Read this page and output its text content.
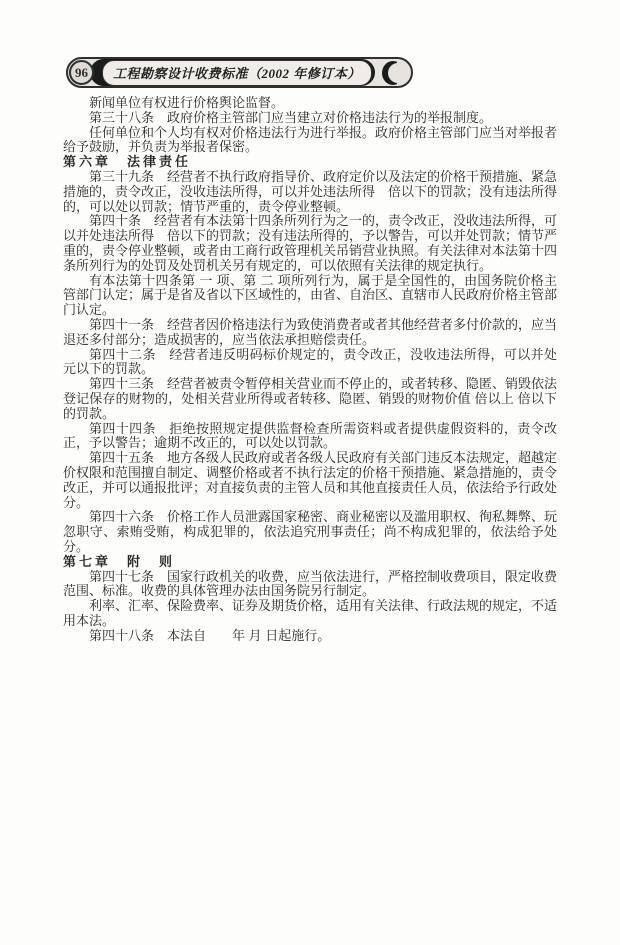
96	工程勘察设计收费标准（2002 年修订本）

新闻单位有权进行价格舆论监督。

第三十八条　政府价格主管部门应当建立对价格违法行为的举报制度。

任何单位和个人均有权对价格违法行为进行举报。政府价格主管部门应当对举报者给予鼓励，并负责为举报者保密。

第六章　法律责任

第三十九条　经营者不执行政府指导价、政府定价以及法定的价格干预措施、紧急措施的，责令改正，没收违法所得，可以并处违法所得　倍以下的罚款；没有违法所得的，可以处以罚款；情节严重的，责令停业整顿。

第四十条　经营者有本法第十四条所列行为之一的，责令改正，没收违法所得，可以并处违法所得　倍以下的罚款；没有违法所得的，予以警告，可以并处罚款；情节严重的，责令停业整顿，或者由工商行政管理机关吊销营业执照。有关法律对本法第十四条所列行为的处罚及处罚机关另有规定的，可以依照有关法律的规定执行。

有本法第十四条第 一 项、第 二 项所列行为，属于是全国性的，由国务院价格主管部门认定；属于是省及省以下区域性的，由省、自治区、直辖市人民政府价格主管部门认定。

第四十一条　经营者因价格违法行为致使消费者或者其他经营者多付价款的，应当退还多付部分；造成损害的，应当依法承担赔偿责任。

第四十二条　经营者违反明码标价规定的，责令改正，没收违法所得，可以并处　元以下的罚款。

第四十三条　经营者被责令暂停相关营业而不停止的，或者转移、隐匿、销毁依法登记保存的财物的，处相关营业所得或者转移、隐匿、销毁的财物价值 倍以上 倍以下的罚款。

第四十四条　拒绝按照规定提供监督检查所需资料或者提供虚假资料的，责令改正，予以警告；逾期不改正的，可以处以罚款。

第四十五条　地方各级人民政府或者各级人民政府有关部门违反本法规定，超越定价权限和范围擅自制定、调整价格或者不执行法定的价格干预措施、紧急措施的，责令改正，并可以通报批评；对直接负责的主管人员和其他直接责任人员，依法给予行政处分。

第四十六条　价格工作人员泄露国家秘密、商业秘密以及滥用职权、徇私舞弊、玩忽职守、索贿受贿，构成犯罪的，依法追究刑事责任；尚不构成犯罪的，依法给予处分。

第七章　附　则

第四十七条　国家行政机关的收费，应当依法进行，严格控制收费项目，限定收费范围、标准。收费的具体管理办法由国务院另行制定。

利率、汇率、保险费率、证券及期货价格，适用有关法律、行政法规的规定，不适用本法。

第四十八条　本法自　　年 月 日起施行。
